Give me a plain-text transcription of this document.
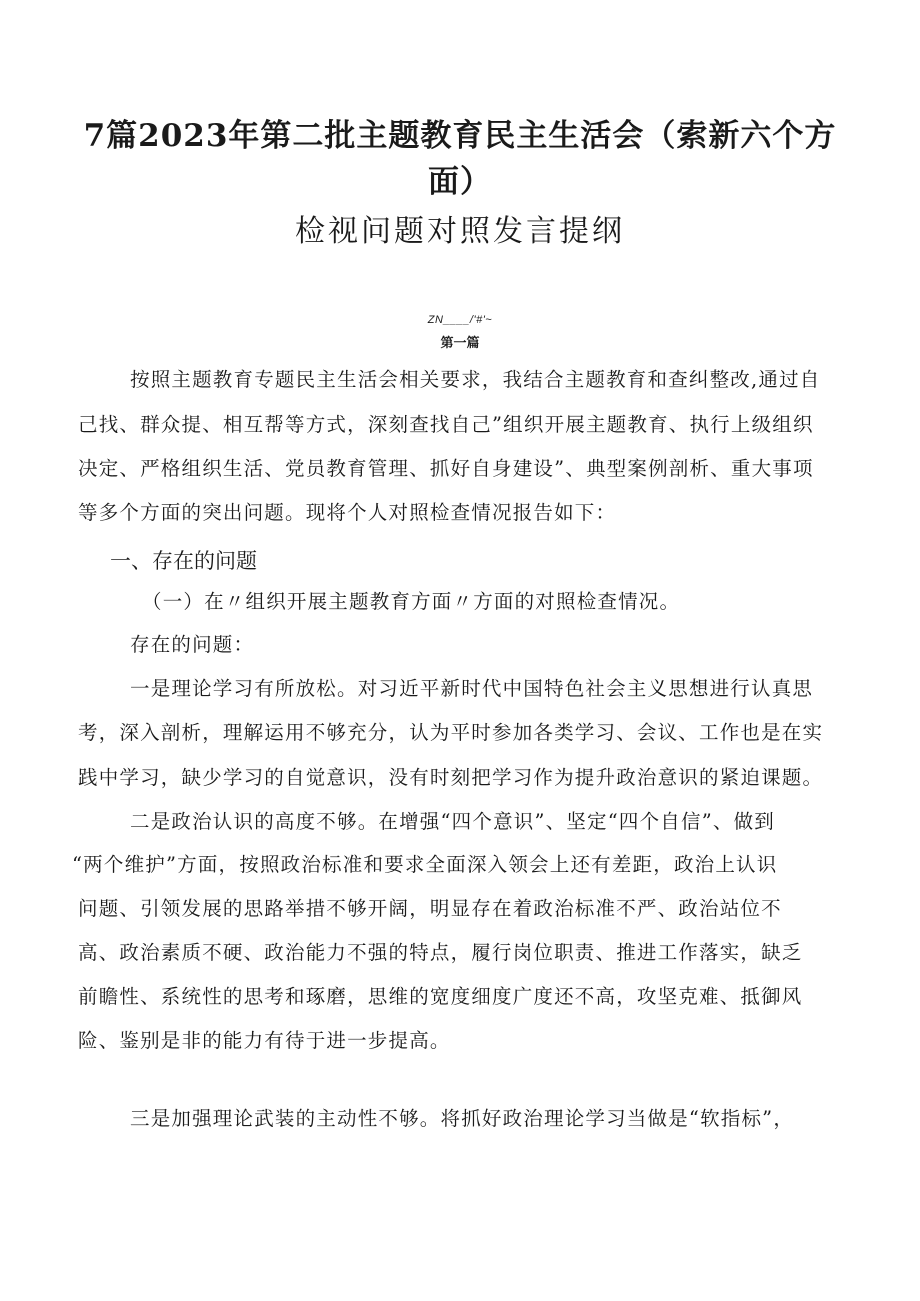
7篇2023年第二批主题教育民主生活会（索新六个方
面）
检视问题对照发言提纲
ZN____/'#'~
第一篇
按照主题教育专题民主生活会相关要求，我结合主题教育和查纠整改,通过自
己找、群众提、相互帮等方式，深刻查找自己”组织开展主题教育、执行上级组织
决定、严格组织生活、党员教育管理、抓好自身建设”、典型案例剖析、重大事项
等多个方面的突出问题。现将个人对照检查情况报告如下：
一、存在的问题
（一）在〃组织开展主题教育方面〃方面的对照检查情况。
存在的问题：
一是理论学习有所放松。对习近平新时代中国特色社会主义思想进行认真思
考，深入剖析，理解运用不够充分，认为平时参加各类学习、会议、工作也是在实
践中学习，缺少学习的自觉意识，没有时刻把学习作为提升政治意识的紧迫课题。
二是政治认识的高度不够。在增强“四个意识”、坚定“四个自信”、做到
“两个维护”方面，按照政治标准和要求全面深入领会上还有差距，政治上认识
问题、引领发展的思路举措不够开阔，明显存在着政治标准不严、政治站位不
高、政治素质不硬、政治能力不强的特点，履行岗位职责、推进工作落实，缺乏
前瞻性、系统性的思考和琢磨，思维的宽度细度广度还不高，攻坚克难、抵御风
险、鉴别是非的能力有待于进一步提高。
三是加强理论武装的主动性不够。将抓好政治理论学习当做是“软指标”，
